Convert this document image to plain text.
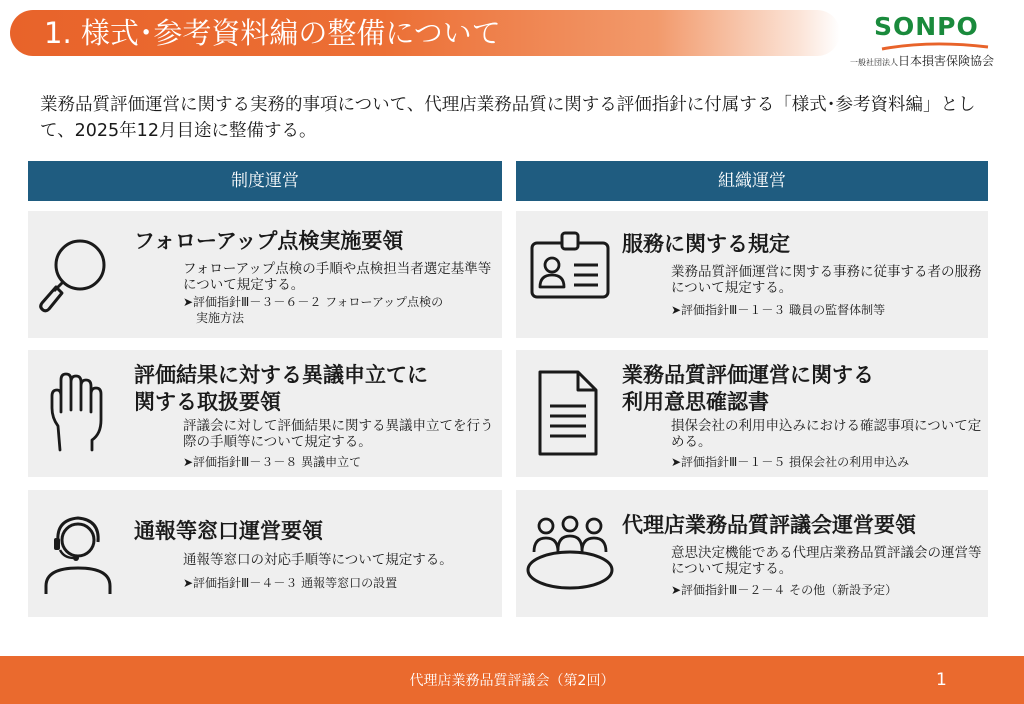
1. 様式･参考資料編の整備について	SONPO
一般社団法人日本損害保険協会
業務品質評価運営に関する実務的事項について、代理店業務品質に関する評価指針に付属する「様式･参考資料編」として、2025年12月目途に整備する。
制度運営	組織運営
フォローアップ点検実施要領
フォローアップ点検の手順や点検担当者選定基準等について規定する。
➤評価指針Ⅲ－３－６－２ フォローアップ点検の
実施方法
評価結果に対する異議申立てに
関する取扱要領
評議会に対して評価結果に関する異議申立てを行う際の手順等について規定する。
➤評価指針Ⅲ－３－８ 異議申立て
通報等窓口運営要領
通報等窓口の対応手順等について規定する。
➤評価指針Ⅲ－４－３ 通報等窓口の設置
服務に関する規定
業務品質評価運営に関する事務に従事する者の服務について規定する。
➤評価指針Ⅲ－１－３ 職員の監督体制等
業務品質評価運営に関する
利用意思確認書
損保会社の利用申込みにおける確認事項について定める。
➤評価指針Ⅲ－１－５ 損保会社の利用申込み
代理店業務品質評議会運営要領
意思決定機能である代理店業務品質評議会の運営等について規定する。
➤評価指針Ⅲ－２－４ その他（新設予定）
代理店業務品質評議会（第2回）	1
